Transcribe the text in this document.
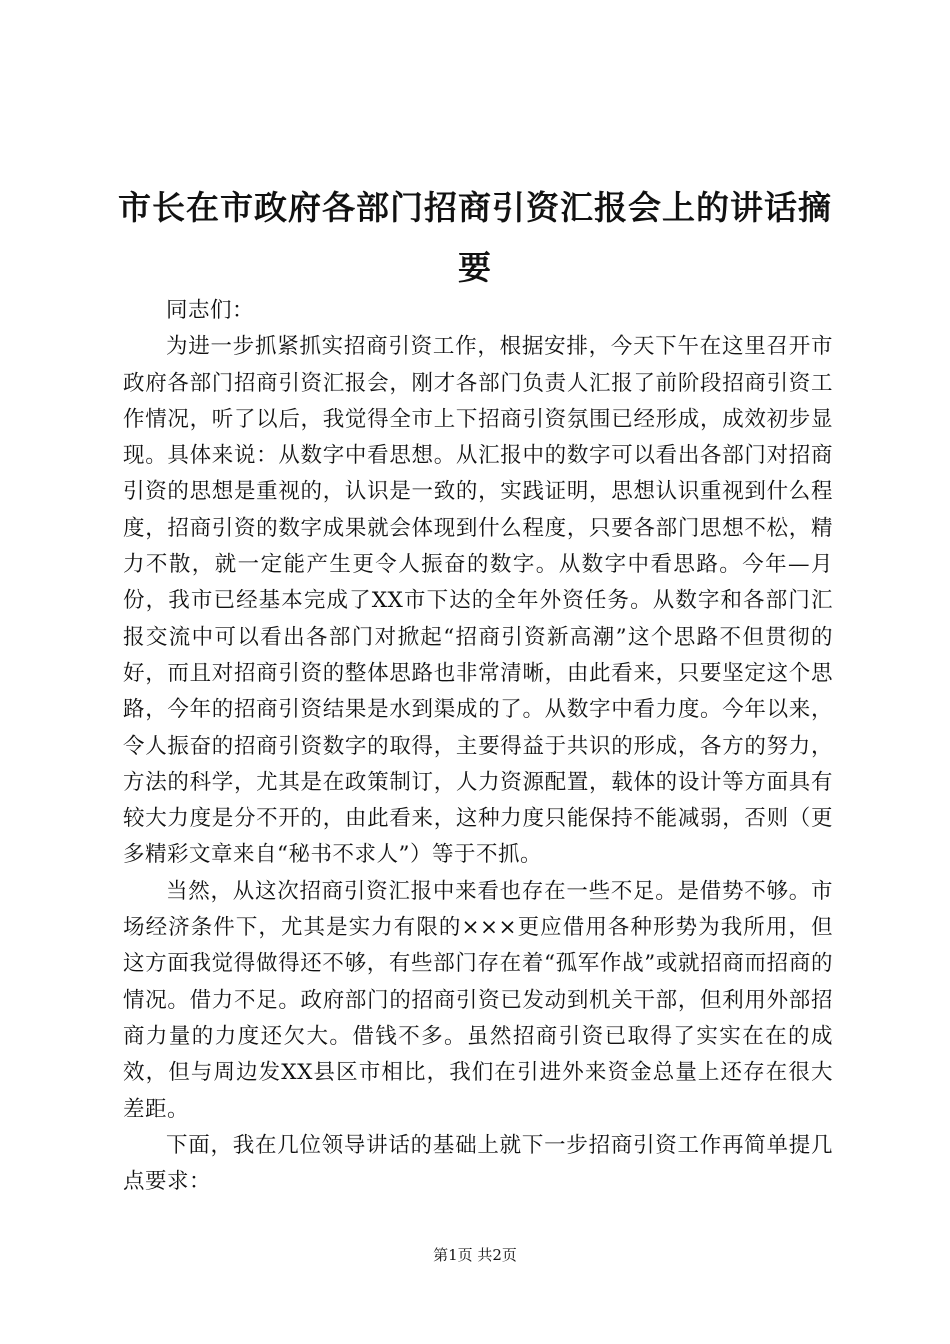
市长在市政府各部门招商引资汇报会上的讲话摘要

同志们：

为进一步抓紧抓实招商引资工作，根据安排，今天下午在这里召开市政府各部门招商引资汇报会，刚才各部门负责人汇报了前阶段招商引资工作情况，听了以后，我觉得全市上下招商引资氛围已经形成，成效初步显现。具体来说：从数字中看思想。从汇报中的数字可以看出各部门对招商引资的思想是重视的，认识是一致的，实践证明，思想认识重视到什么程度，招商引资的数字成果就会体现到什么程度，只要各部门思想不松，精力不散，就一定能产生更令人振奋的数字。从数字中看思路。今年—月份，我市已经基本完成了XX市下达的全年外资任务。从数字和各部门汇报交流中可以看出各部门对掀起“招商引资新高潮”这个思路不但贯彻的好，而且对招商引资的整体思路也非常清晰，由此看来，只要坚定这个思路，今年的招商引资结果是水到渠成的了。从数字中看力度。今年以来，令人振奋的招商引资数字的取得，主要得益于共识的形成，各方的努力，方法的科学，尤其是在政策制订，人力资源配置，载体的设计等方面具有较大力度是分不开的，由此看来，这种力度只能保持不能减弱，否则（更多精彩文章来自“秘书不求人”）等于不抓。

当然，从这次招商引资汇报中来看也存在一些不足。是借势不够。市场经济条件下，尤其是实力有限的×××更应借用各种形势为我所用，但这方面我觉得做得还不够，有些部门存在着“孤军作战”或就招商而招商的情况。借力不足。政府部门的招商引资已发动到机关干部，但利用外部招商力量的力度还欠大。借钱不多。虽然招商引资已取得了实实在在的成效，但与周边发XX县区市相比，我们在引进外来资金总量上还存在很大差距。

下面，我在几位领导讲话的基础上就下一步招商引资工作再简单提几点要求：

第1页 共2页
